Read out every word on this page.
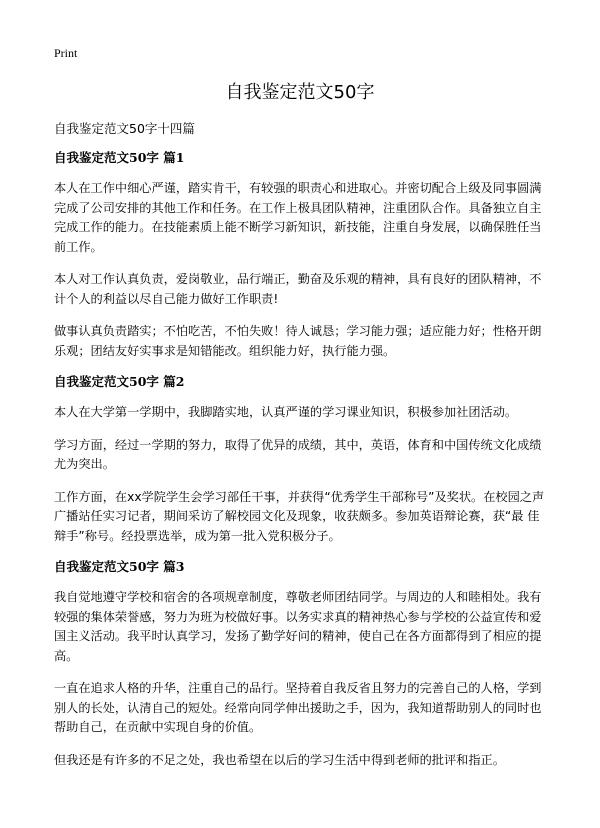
Print
自我鉴定范文50字
自我鉴定范文50字十四篇
自我鉴定范文50字 篇1

本人在工作中细心严谨，踏实肯干，有较强的职责心和进取心。并密切配合上级及同事圆满完成了公司安排的其他工作和任务。在工作上极具团队精神，注重团队合作。具备独立自主完成工作的能力。在技能素质上能不断学习新知识，新技能，注重自身发展，以确保胜任当前工作。

本人对工作认真负责，爱岗敬业，品行端正，勤奋及乐观的精神，具有良好的团队精神，不计个人的利益以尽自己能力做好工作职责!

做事认真负责踏实；不怕吃苦，不怕失败！待人诚恳；学习能力强；适应能力好；性格开朗乐观；团结友好实事求是知错能改。组织能力好，执行能力强。

自我鉴定范文50字 篇2

本人在大学第一学期中，我脚踏实地，认真严谨的学习课业知识，积极参加社团活动。

学习方面，经过一学期的努力，取得了优异的成绩，其中，英语，体育和中国传统文化成绩尤为突出。

工作方面，在xx学院学生会学习部任干事，并获得“优秀学生干部称号”及奖状。在校园之声广播站任实习记者，期间采访了解校园文化及现象，收获颇多。参加英语辩论赛，获“最 佳辩手”称号。经投票选举，成为第一批入党积极分子。

自我鉴定范文50字 篇3

我自觉地遵守学校和宿舍的各项规章制度，尊敬老师团结同学。与周边的人和睦相处。我有较强的集体荣誉感，努力为班为校做好事。以务实求真的精神热心参与学校的公益宣传和爱国主义活动。我平时认真学习，发扬了勤学好问的精神，使自己在各方面都得到了相应的提高。

一直在追求人格的升华，注重自己的品行。坚持着自我反省且努力的完善自己的人格，学到别人的长处，认清自己的短处。经常向同学伸出援助之手，因为，我知道帮助别人的同时也帮助自己，在贡献中实现自身的价值。

但我还是有许多的不足之处，我也希望在以后的学习生活中得到老师的批评和指正。
